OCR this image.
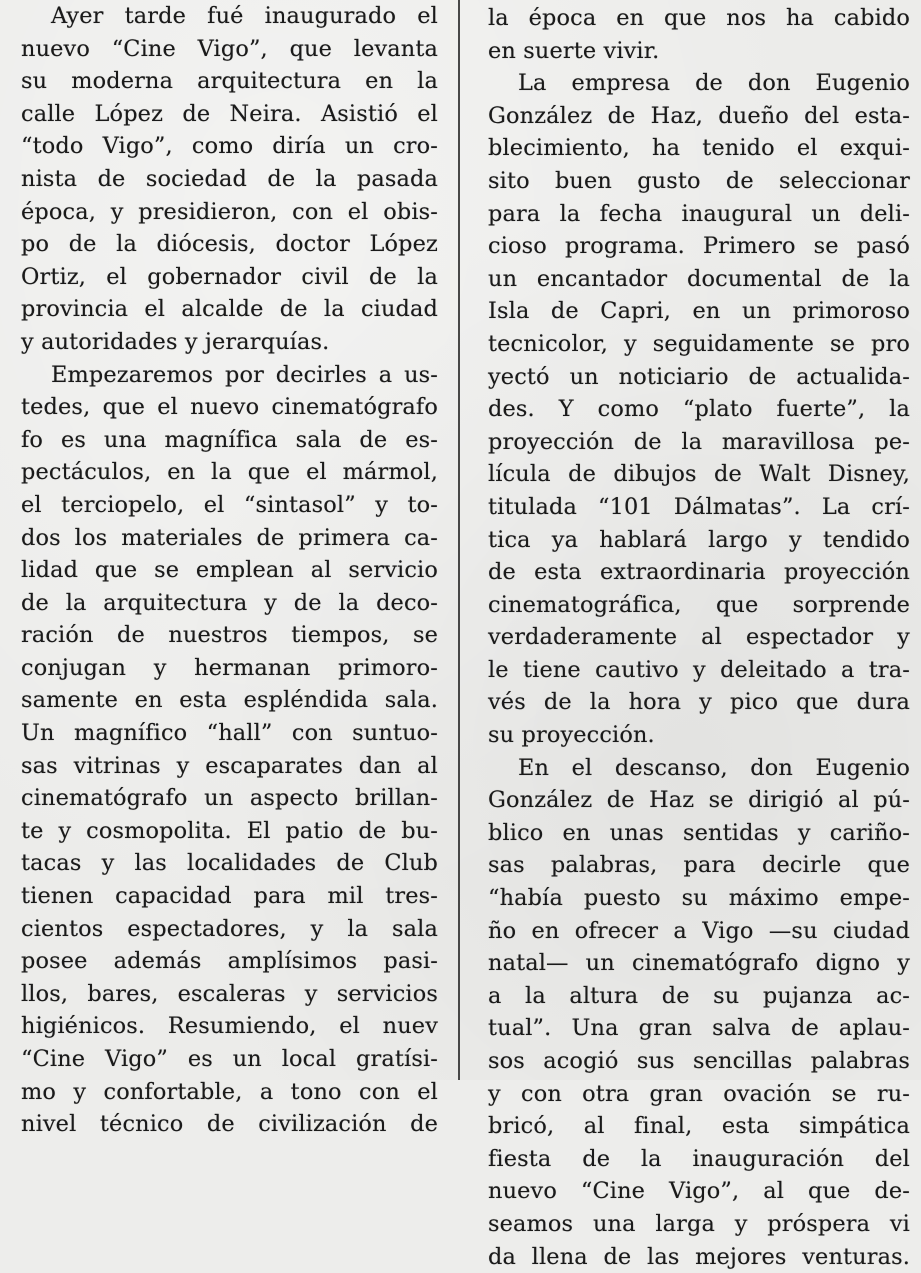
Ayer tarde fué inaugurado el
nuevo “Cine Vigo”, que levanta
su moderna arquitectura en la
calle López de Neira. Asistió el
“todo Vigo”, como diría un cro-
nista de sociedad de la pasada
época, y presidieron, con el obis-
po de la diócesis, doctor López
Ortiz, el gobernador civil de la
provincia el alcalde de la ciudad
y autoridades y jerarquías.
Empezaremos por decirles a us-
tedes, que el nuevo cinematógrafo
fo es una magnífica sala de es-
pectáculos, en la que el mármol,
el terciopelo, el “sintasol” y to-
dos los materiales de primera ca-
lidad que se emplean al servicio
de la arquitectura y de la deco-
ración de nuestros tiempos, se
conjugan y hermanan primoro-
samente en esta espléndida sala.
Un magnífico “hall” con suntuo-
sas vitrinas y escaparates dan al
cinematógrafo un aspecto brillan-
te y cosmopolita. El patio de bu-
tacas y las localidades de Club
tienen capacidad para mil tres-
cientos espectadores, y la sala
posee además amplísimos pasi-
llos, bares, escaleras y servicios
higiénicos. Resumiendo, el nuev
“Cine Vigo” es un local gratísi-
mo y confortable, a tono con el
nivel técnico de civilización de
la época en que nos ha cabido
en suerte vivir.
La empresa de don Eugenio
González de Haz, dueño del esta-
blecimiento, ha tenido el exqui-
sito buen gusto de seleccionar
para la fecha inaugural un deli-
cioso programa. Primero se pasó
un encantador documental de la
Isla de Capri, en un primoroso
tecnicolor, y seguidamente se pro
yectó un noticiario de actualida-
des. Y como “plato fuerte”, la
proyección de la maravillosa pe-
lícula de dibujos de Walt Disney,
titulada “101 Dálmatas”. La crí-
tica ya hablará largo y tendido
de esta extraordinaria proyección
cinematográfica, que sorprende
verdaderamente al espectador y
le tiene cautivo y deleitado a tra-
vés de la hora y pico que dura
su proyección.
En el descanso, don Eugenio
González de Haz se dirigió al pú-
blico en unas sentidas y cariño-
sas palabras, para decirle que
“había puesto su máximo empe-
ño en ofrecer a Vigo —su ciudad
natal— un cinematógrafo digno y
a la altura de su pujanza ac-
tual”. Una gran salva de aplau-
sos acogió sus sencillas palabras
y con otra gran ovación se ru-
bricó, al final, esta simpática
fiesta de la inauguración del
nuevo “Cine Vigo”, al que de-
seamos una larga y próspera vi
da llena de las mejores venturas.
